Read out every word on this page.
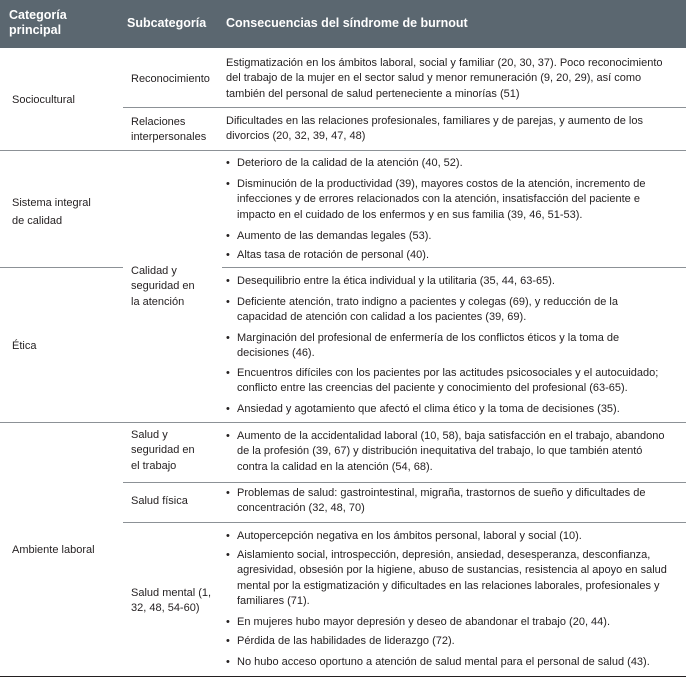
Categoría principal	Subcategoría Consecuencias del síndrome de burnout
Sociocultural
Sistema integral
de calidad
Ética
Ambiente laboral
Reconocimiento
Relaciones
interpersonales
Calidad y
seguridad en
la atención
Salud y
seguridad en
el trabajo
Salud física
Salud mental (1,
32, 48, 54-60)
Estigmatización en los ámbitos laboral, social y familiar (20, 30, 37). Poco reconocimiento
del trabajo de la mujer en el sector salud y menor remuneración (9, 20, 29), así como
también del personal de salud perteneciente a minorías (51)
Dificultades en las relaciones profesionales, familiares y de parejas, y aumento de los
divorcios (20, 32, 39, 47, 48)
• Deterioro de la calidad de la atención (40, 52).
• Disminución de la productividad (39), mayores costos de la atención, incremento de
infecciones y de errores relacionados con la atención, insatisfacción del paciente e
impacto en el cuidado de los enfermos y en sus familia (39, 46, 51-53).
• Aumento de las demandas legales (53).
• Altas tasa de rotación de personal (40).
• Desequilibrio entre la ética individual y la utilitaria (35, 44, 63-65).
• Deficiente atención, trato indigno a pacientes y colegas (69), y reducción de la
capacidad de atención con calidad a los pacientes (39, 69).
• Marginación del profesional de enfermería de los conflictos éticos y la toma de
decisiones (46).
• Encuentros difíciles con los pacientes por las actitudes psicosociales y el autocuidado;
conflicto entre las creencias del paciente y conocimiento del profesional (63-65).
• Ansiedad y agotamiento que afectó el clima ético y la toma de decisiones (35).
• Aumento de la accidentalidad laboral (10, 58), baja satisfacción en el trabajo, abandono
de la profesión (39, 67) y distribución inequitativa del trabajo, lo que también atentó
contra la calidad en la atención (54, 68).
• Problemas de salud: gastrointestinal, migraña, trastornos de sueño y dificultades de
concentración (32, 48, 70)
• Autopercepción negativa en los ámbitos personal, laboral y social (10).
• Aislamiento social, introspección, depresión, ansiedad, desesperanza, desconfianza,
agresividad, obsesión por la higiene, abuso de sustancias, resistencia al apoyo en salud
mental por la estigmatización y dificultades en las relaciones laborales, profesionales y
familiares (71).
• En mujeres hubo mayor depresión y deseo de abandonar el trabajo (20, 44).
• Pérdida de las habilidades de liderazgo (72).
• No hubo acceso oportuno a atención de salud mental para el personal de salud (43).
